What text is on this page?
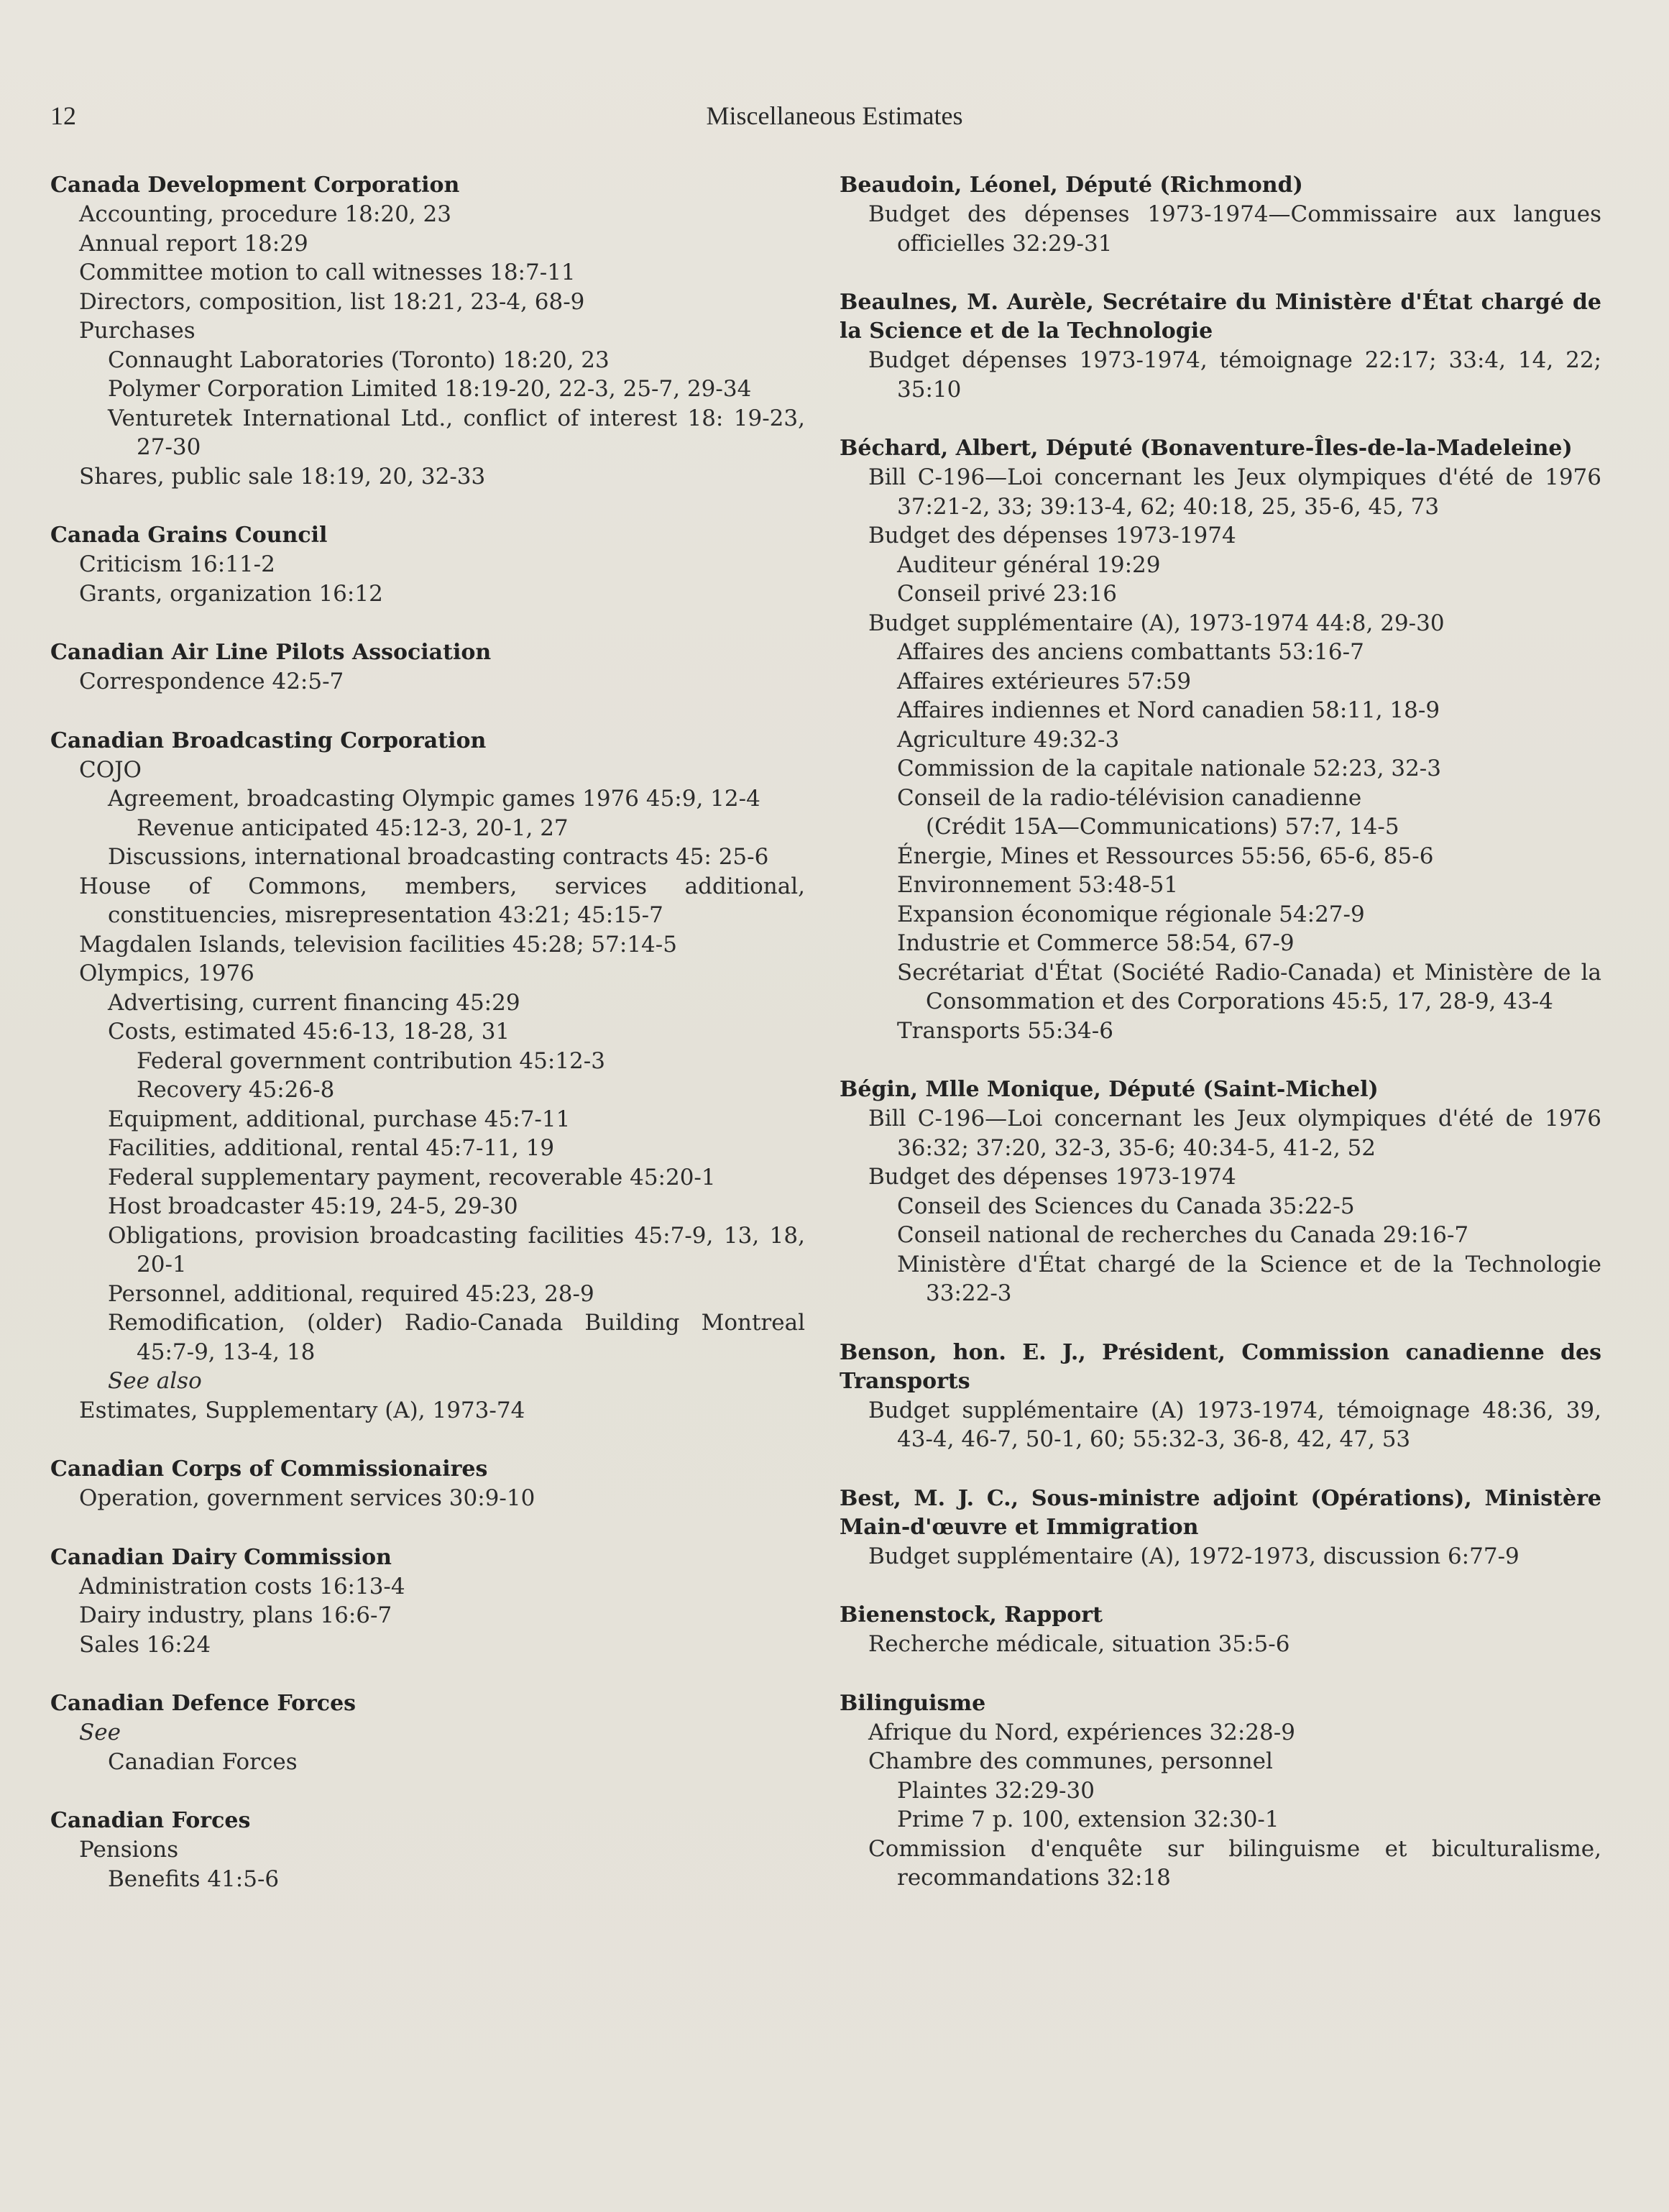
12	Miscellaneous Estimates
Canada Development Corporation
Accounting, procedure 18:20, 23
Annual report 18:29
Committee motion to call witnesses 18:7-11
Directors, composition, list 18:21, 23-4, 68-9
Purchases
Connaught Laboratories (Toronto) 18:20, 23
Polymer Corporation Limited 18:19-20, 22-3, 25-7, 29-34
Venturetek International Ltd., conflict of interest 18: 19-23, 27-30
Shares, public sale 18:19, 20, 32-33
Canada Grains Council
Criticism 16:11-2
Grants, organization 16:12
Canadian Air Line Pilots Association
Correspondence 42:5-7
Canadian Broadcasting Corporation
COJO
Agreement, broadcasting Olympic games 1976 45:9, 12-4
Revenue anticipated 45:12-3, 20-1, 27
Discussions, international broadcasting contracts 45: 25-6
House of Commons, members, services additional, constituencies, misrepresentation 43:21; 45:15-7
Magdalen Islands, television facilities 45:28; 57:14-5
Olympics, 1976
Advertising, current financing 45:29
Costs, estimated 45:6-13, 18-28, 31
Federal government contribution 45:12-3
Recovery 45:26-8
Equipment, additional, purchase 45:7-11
Facilities, additional, rental 45:7-11, 19
Federal supplementary payment, recoverable 45:20-1
Host broadcaster 45:19, 24-5, 29-30
Obligations, provision broadcasting facilities 45:7-9, 13, 18, 20-1
Personnel, additional, required 45:23, 28-9
Remodification, (older) Radio-Canada Building Montreal 45:7-9, 13-4, 18
See also
Estimates, Supplementary (A), 1973-74
Canadian Corps of Commissionaires
Operation, government services 30:9-10
Canadian Dairy Commission
Administration costs 16:13-4
Dairy industry, plans 16:6-7
Sales 16:24
Canadian Defence Forces
See
Canadian Forces
Canadian Forces
Pensions
Benefits 41:5-6
Beaudoin, Léonel, Député (Richmond)
Budget des dépenses 1973-1974—Commissaire aux langues officielles 32:29-31
Beaulnes, M. Aurèle, Secrétaire du Ministère d'État chargé de la Science et de la Technologie
Budget dépenses 1973-1974, témoignage 22:17; 33:4, 14, 22; 35:10
Béchard, Albert, Député (Bonaventure-Îles-de-la-Madeleine)
Bill C-196—Loi concernant les Jeux olympiques d'été de 1976 37:21-2, 33; 39:13-4, 62; 40:18, 25, 35-6, 45, 73
Budget des dépenses 1973-1974
Auditeur général 19:29
Conseil privé 23:16
Budget supplémentaire (A), 1973-1974 44:8, 29-30
Affaires des anciens combattants 53:16-7
Affaires extérieures 57:59
Affaires indiennes et Nord canadien 58:11, 18-9
Agriculture 49:32-3
Commission de la capitale nationale 52:23, 32-3
Conseil de la radio-télévision canadienne
(Crédit 15A—Communications) 57:7, 14-5
Énergie, Mines et Ressources 55:56, 65-6, 85-6
Environnement 53:48-51
Expansion économique régionale 54:27-9
Industrie et Commerce 58:54, 67-9
Secrétariat d'État (Société Radio-Canada) et Ministère de la Consommation et des Corporations 45:5, 17, 28-9, 43-4
Transports 55:34-6
Bégin, Mlle Monique, Député (Saint-Michel)
Bill C-196—Loi concernant les Jeux olympiques d'été de 1976 36:32; 37:20, 32-3, 35-6; 40:34-5, 41-2, 52
Budget des dépenses 1973-1974
Conseil des Sciences du Canada 35:22-5
Conseil national de recherches du Canada 29:16-7
Ministère d'État chargé de la Science et de la Technologie 33:22-3
Benson, hon. E. J., Président, Commission canadienne des Transports
Budget supplémentaire (A) 1973-1974, témoignage 48:36, 39, 43-4, 46-7, 50-1, 60; 55:32-3, 36-8, 42, 47, 53
Best, M. J. C., Sous-ministre adjoint (Opérations), Ministère Main-d'œuvre et Immigration
Budget supplémentaire (A), 1972-1973, discussion 6:77-9
Bienenstock, Rapport
Recherche médicale, situation 35:5-6
Bilinguisme
Afrique du Nord, expériences 32:28-9
Chambre des communes, personnel
Plaintes 32:29-30
Prime 7 p. 100, extension 32:30-1
Commission d'enquête sur bilinguisme et biculturalisme, recommandations 32:18
